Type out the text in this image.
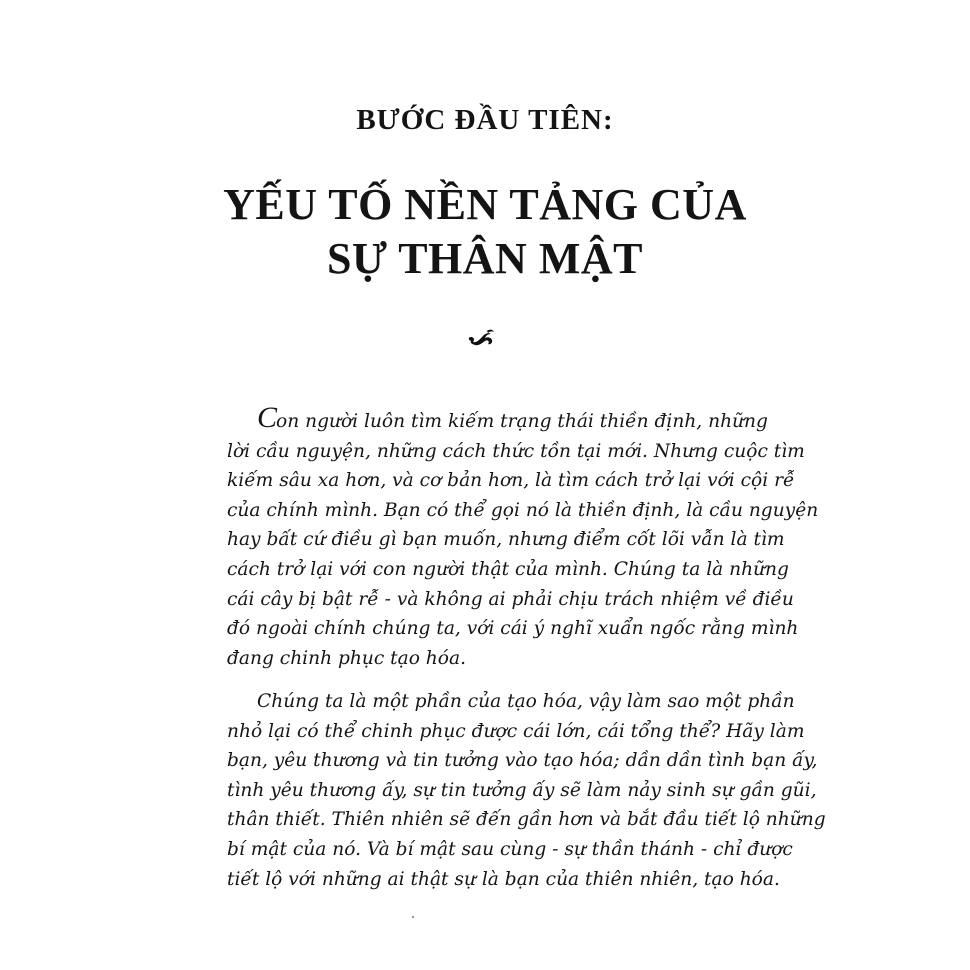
BƯỚC ĐẦU TIÊN:
YẾU TỐ NỀN TẢNG CỦA
SỰ THÂN MẬT
Con người luôn tìm kiếm trạng thái thiền định, những
lời cầu nguyện, những cách thức tồn tại mới. Nhưng cuộc tìm
kiếm sâu xa hơn, và cơ bản hơn, là tìm cách trở lại với cội rễ
của chính mình. Bạn có thể gọi nó là thiền định, là cầu nguyện
hay bất cứ điều gì bạn muốn, nhưng điểm cốt lõi vẫn là tìm
cách trở lại với con người thật của mình. Chúng ta là những
cái cây bị bật rễ - và không ai phải chịu trách nhiệm về điều
đó ngoài chính chúng ta, với cái ý nghĩ xuẩn ngốc rằng mình
đang chinh phục tạo hóa.
Chúng ta là một phần của tạo hóa, vậy làm sao một phần
nhỏ lại có thể chinh phục được cái lớn, cái tổng thể? Hãy làm
bạn, yêu thương và tin tưởng vào tạo hóa; dần dần tình bạn ấy,
tình yêu thương ấy, sự tin tưởng ấy sẽ làm nảy sinh sự gần gũi,
thân thiết. Thiên nhiên sẽ đến gần hơn và bắt đầu tiết lộ những
bí mật của nó. Và bí mật sau cùng - sự thần thánh - chỉ được
tiết lộ với những ai thật sự là bạn của thiên nhiên, tạo hóa.
